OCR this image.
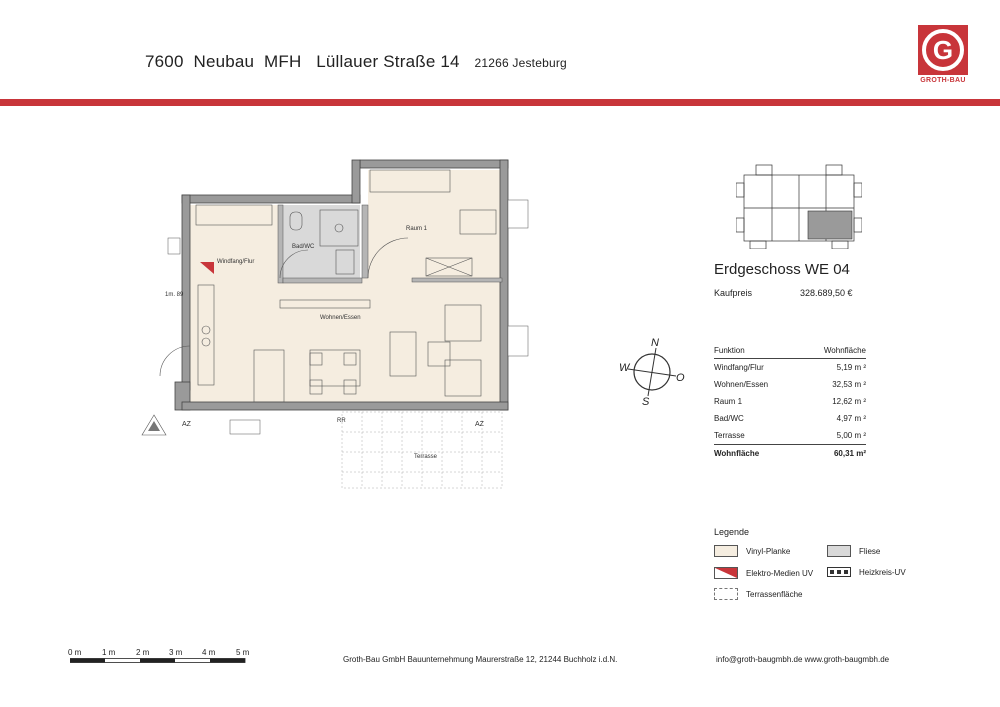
7600  Neubau  MFH   Lüllauer Straße 14 21266 Jesteburg	G
GROTH-BAU
Raum 1
Bad/WC
Windfang/Flur
Wohnen/Essen
Terrasse
AZ	AZ
RR
1m. 89
Erdgeschoss WE 04
Kaufpreis	328.689,50 €
N
W
O
S
Funktion	Wohnfläche
Windfang/Flur	5,19 m ²
Wohnen/Essen	32,53 m ²
Raum 1	12,62 m ²
Bad/WC	4,97 m ²
Terrasse	5,00 m ²
Wohnfläche	60,31 m²
Legende
Vinyl-Planke	Fliese
Elektro-Medien UV	Heizkreis-UV
Terrassenfläche
0 m	1 m	2 m 3 m 4 m	5 m
Groth-Bau GmbH Bauunternehmung Maurerstraße 12, 21244 Buchholz i.d.N.	info@groth-baugmbh.de www.groth-baugmbh.de
